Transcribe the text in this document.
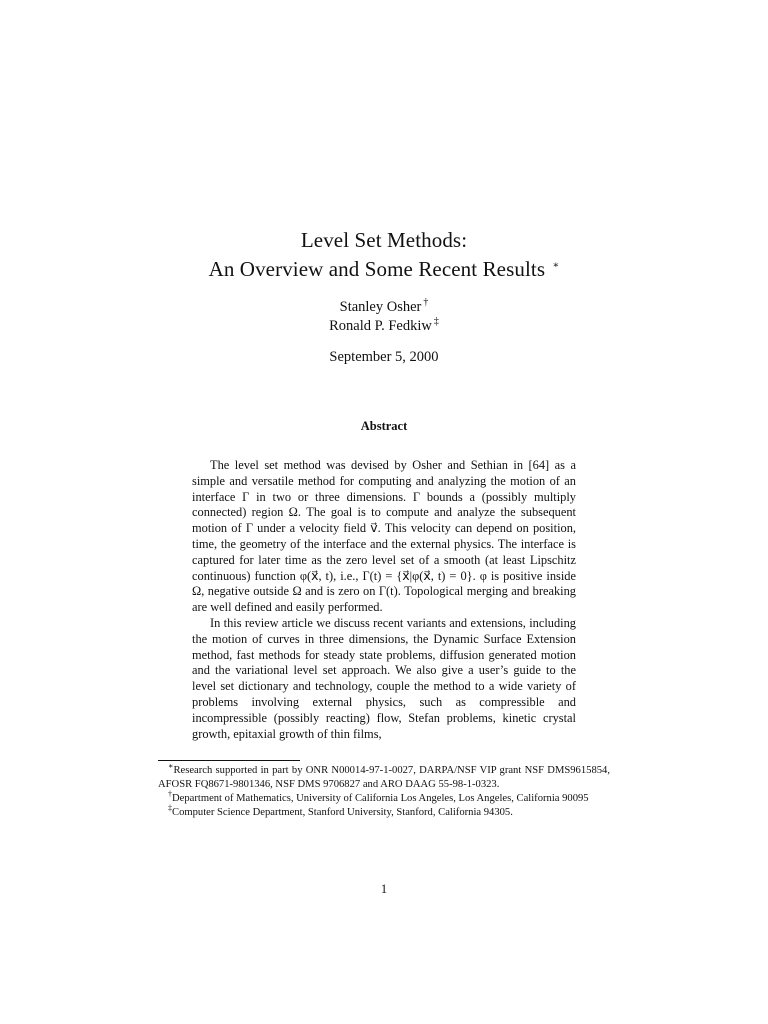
Level Set Methods:
An Overview and Some Recent Results ∗
Stanley Osher †
Ronald P. Fedkiw ‡
September 5, 2000
Abstract

The level set method was devised by Osher and Sethian in [64] as a simple and versatile method for computing and analyzing the motion of an interface Γ in two or three dimensions. Γ bounds a (possibly multiply connected) region Ω. The goal is to compute and analyze the subsequent motion of Γ under a velocity field v⃗. This velocity can depend on position, time, the geometry of the interface and the external physics. The interface is captured for later time as the zero level set of a smooth (at least Lipschitz continuous) function φ(x⃗, t), i.e., Γ(t) = {x⃗|φ(x⃗, t) = 0}. φ is positive inside Ω, negative outside Ω and is zero on Γ(t). Topological merging and breaking are well defined and easily performed.

In this review article we discuss recent variants and extensions, including the motion of curves in three dimensions, the Dynamic Surface Extension method, fast methods for steady state problems, diffusion generated motion and the variational level set approach. We also give a user’s guide to the level set dictionary and technology, couple the method to a wide variety of problems involving external physics, such as compressible and incompressible (possibly reacting) flow, Stefan problems, kinetic crystal growth, epitaxial growth of thin films,

∗Research supported in part by ONR N00014-97-1-0027, DARPA/NSF VIP grant NSF DMS9615854, AFOSR FQ8671-9801346, NSF DMS 9706827 and ARO DAAG 55-98-1-0323.

†Department of Mathematics, University of California Los Angeles, Los Angeles, California 90095

‡Computer Science Department, Stanford University, Stanford, California 94305.

1
